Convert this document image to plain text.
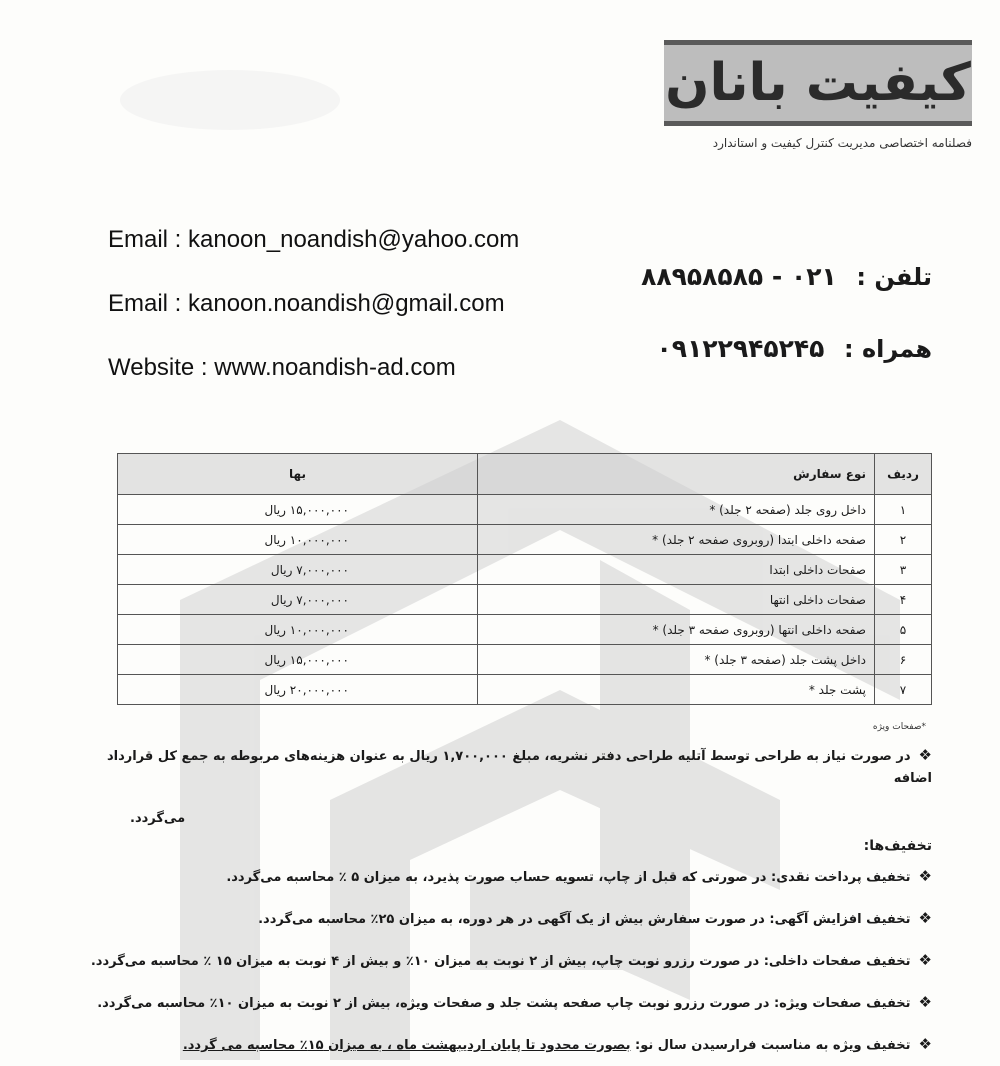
کیفیت بانان
فصلنامه اختصاصی مدیریت کنترل کیفیت و استاندارد
Email : kanoon_noandish@yahoo.com
Email : kanoon.noandish@gmail.com
Website : www.noandish-ad.com
تلفن : ۰۲۱ - ۸۸۹۵۸۵۸۵
همراه : ۰۹۱۲۲۹۴۵۲۴۵
ردیف	نوع سفارش	بها
۱	داخل روی جلد (صفحه ۲ جلد) *	۱۵,۰۰۰,۰۰۰ ریال
۲	صفحه داخلی ابتدا (روبروی صفحه ۲ جلد) *	۱۰,۰۰۰,۰۰۰ ریال
۳	صفحات داخلی ابتدا	۷,۰۰۰,۰۰۰ ریال
۴	صفحات داخلی انتها	۷,۰۰۰,۰۰۰ ریال
۵	صفحه داخلی انتها (روبروی صفحه ۳ جلد) *	۱۰,۰۰۰,۰۰۰ ریال
۶	داخل پشت جلد (صفحه ۳ جلد) *	۱۵,۰۰۰,۰۰۰ ریال
۷	پشت جلد *	۲۰,۰۰۰,۰۰۰ ریال
*صفحات ویژه
❖در صورت نیاز به طراحی توسط آتلیه طراحی دفتر نشریه، مبلغ ۱,۷۰۰,۰۰۰ ریال به عنوان هزینه‌های مربوطه به جمع کل قرارداد اضافه
می‌گردد.
تخفیف‌ها:
❖تخفیف پرداخت نقدی: در صورتی که قبل از چاپ، تسویه حساب صورت پذیرد، به میزان ۵ ٪ محاسبه می‌گردد.
❖تخفیف افزایش آگهی: در صورت سفارش بیش از یک آگهی در هر دوره، به میزان ۲۵٪ محاسبه می‌گردد.
❖تخفیف صفحات داخلی: در صورت رزرو نوبت چاپ، بیش از ۲ نوبت به میزان ۱۰٪ و بیش از ۴ نوبت به میزان ۱۵ ٪ محاسبه می‌گردد.
❖تخفیف صفحات ویژه: در صورت رزرو نوبت چاپ صفحه پشت جلد و صفحات ویژه، بیش از ۲ نوبت به میزان ۱۰٪ محاسبه می‌گردد.
❖تخفیف ویژه به مناسبت فرارسیدن سال نو: بصورت محدود تا پایان اردیبهشت ماه ، به میزان ۱۵٪ محاسبه می گردد.
